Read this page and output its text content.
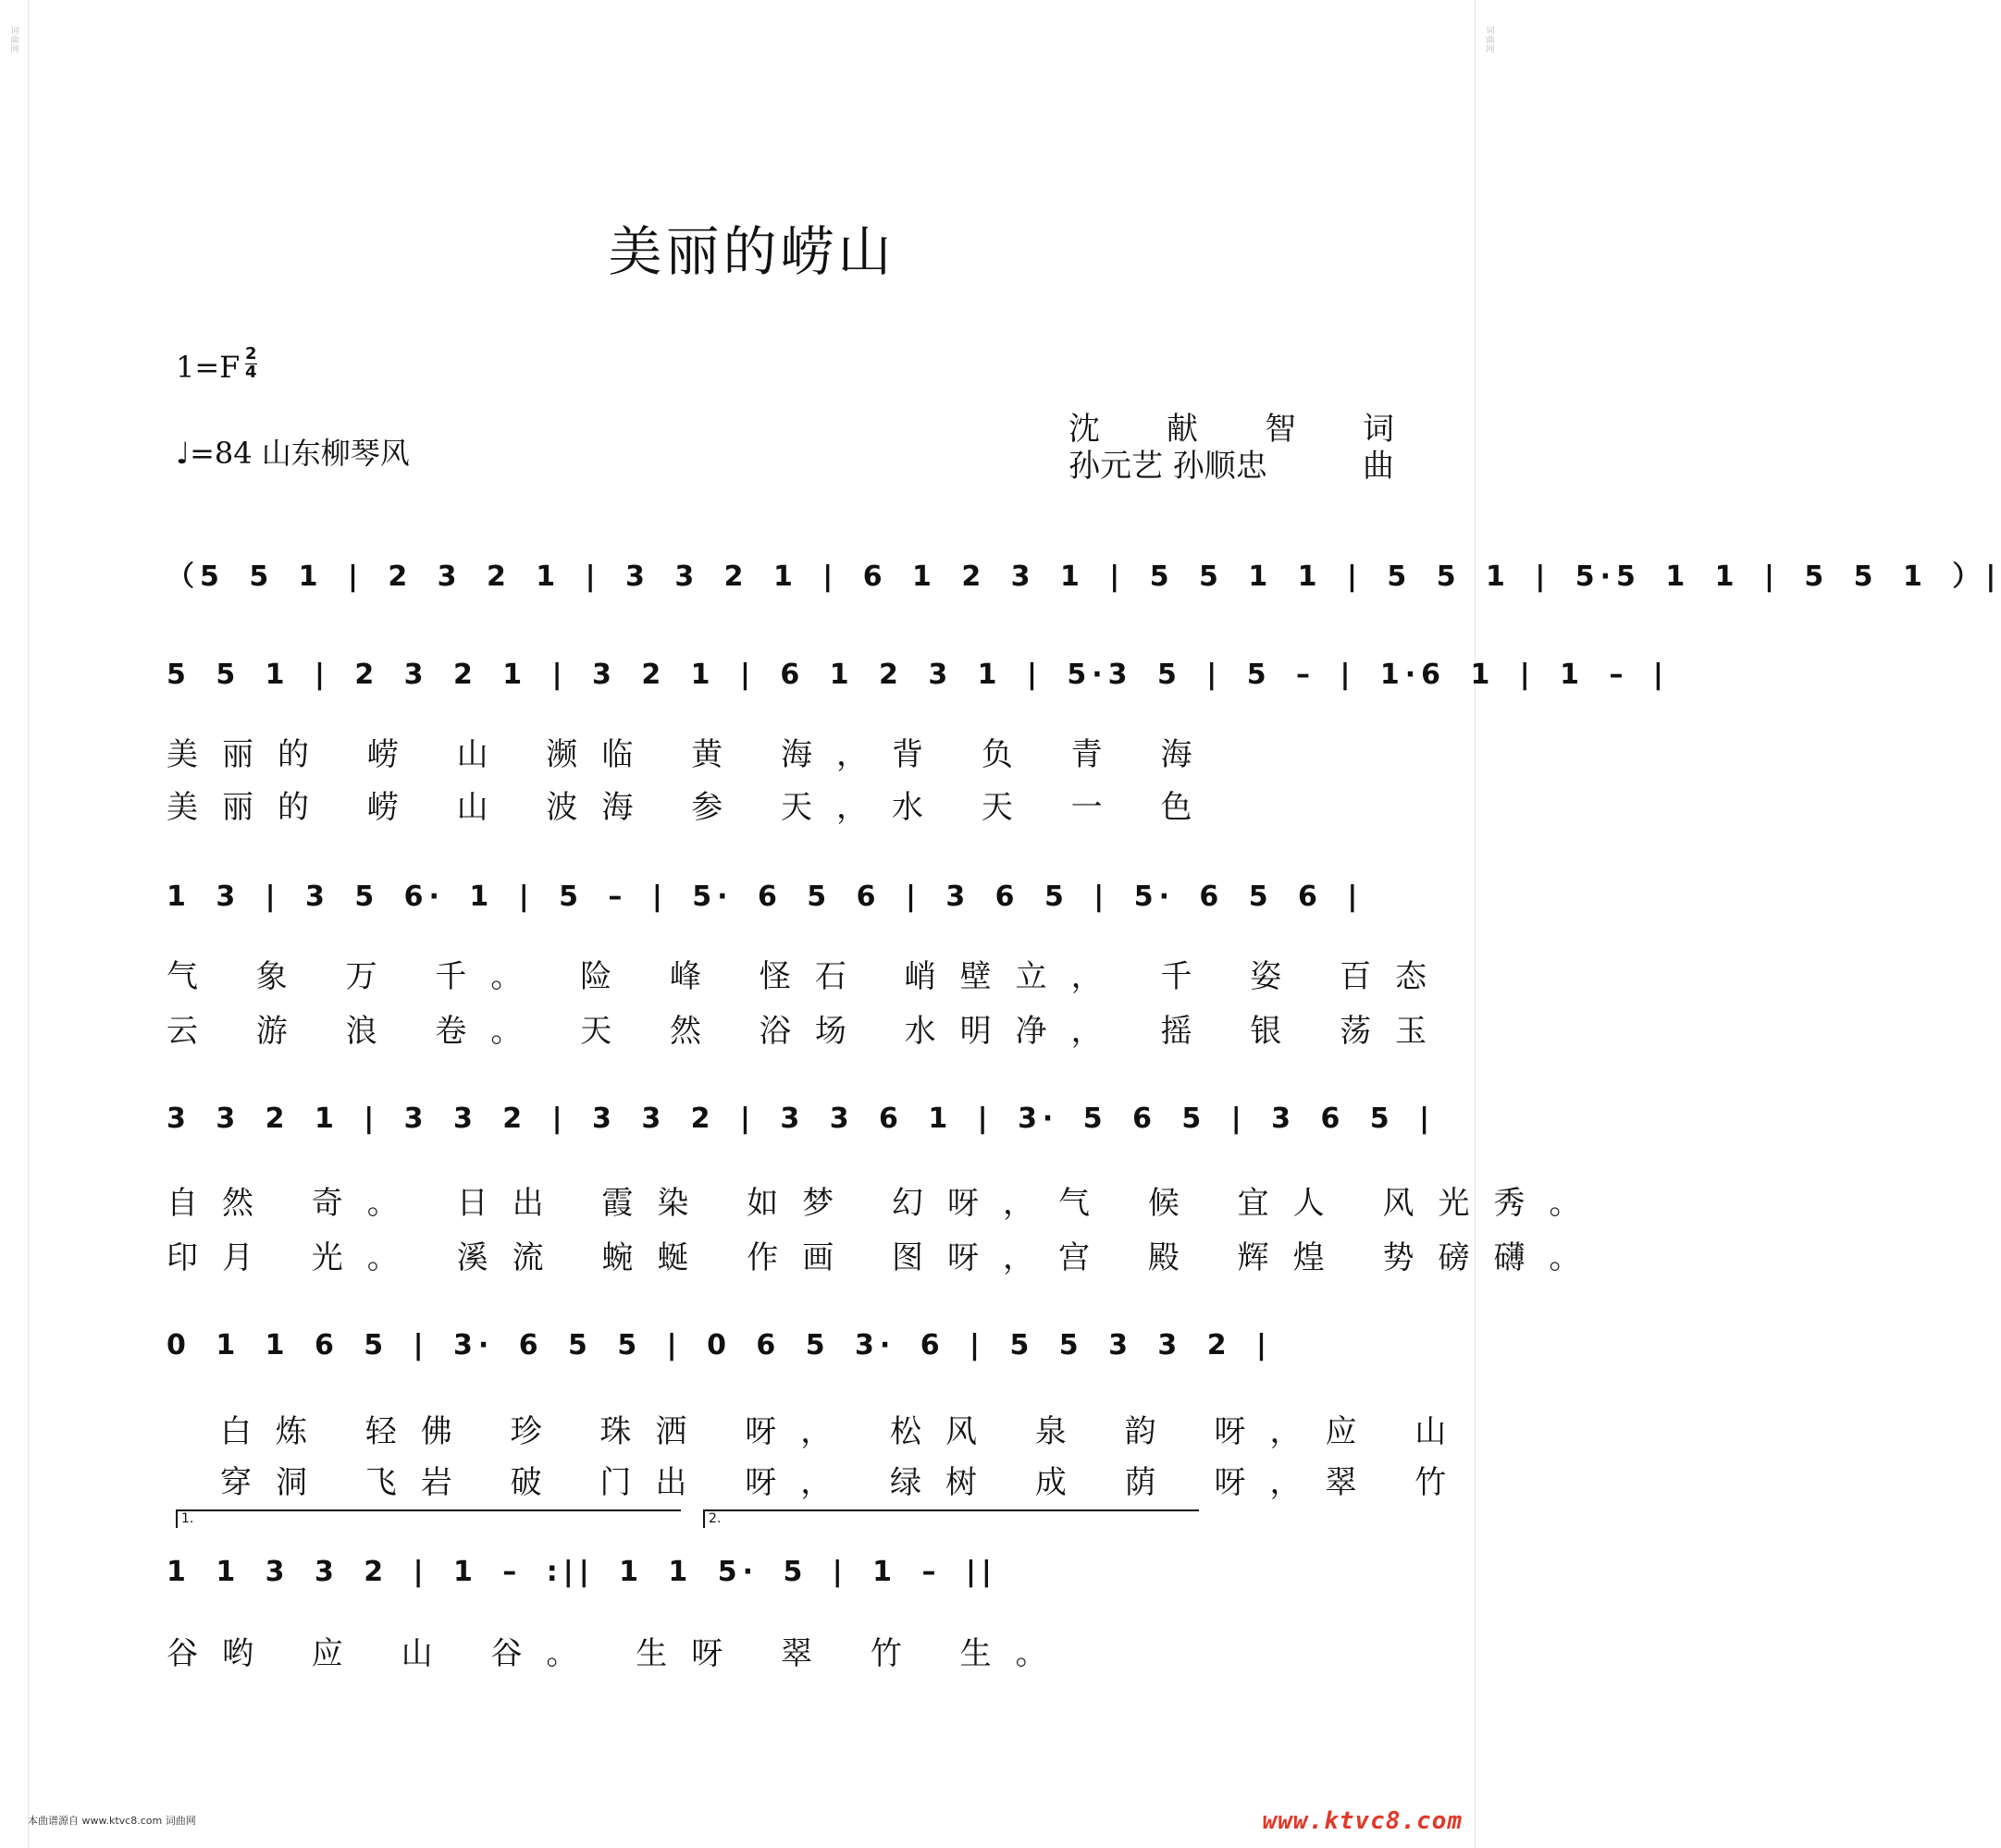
词曲网	词曲网
美丽的崂山
$1=F \frac{2}{4}$
♩=84 山东柳琴风
沈 献 智 词
孙元艺 孙顺忠	曲
（5 5 1 | 2 3 2 1 | 3 3 2 1 | 6 1 2 3 1 | 5 5 1 1 | 5 5 1 | 5·5 1 1 | 5 5 1 ）|
5 5 1 | 2 3 2 1 | 3 2 1 | 6 1 2 3 1 | 5·3 5 | 5 – | 1·6 1 | 1 – |
美丽的 崂 山 濒临 黄 海，背 负 青 海
美丽的 崂 山 波海 参 天，水 天 一 色
1 3 | 3 5 6· 1 | 5 – | 5· 6 5 6 | 3 6 5 | 5· 6 5 6 |
气 象 万 千。 险 峰 怪石 峭壁立， 千 姿 百态
云 游 浪 卷。 天 然 浴场 水明净， 摇 银 荡玉
3 3 2 1 | 3 3 2 | 3 3 2 | 3 3 6 1 | 3· 5 6 5 | 3 6 5 |
自然 奇。 日出 霞染 如梦 幻呀，气 候 宜人 风光秀。
印月 光。 溪流 蜿蜒 作画 图呀，宫 殿 辉煌 势磅礴。
0 1 1 6 5 | 3· 6 5 5 | 0 6 5 3· 6 | 5 5 3 3 2 |
白炼 轻佛 珍 珠洒 呀， 松风 泉 韵 呀，应 山
穿洞 飞岩 破 门出 呀， 绿树 成 荫 呀，翠 竹
1.	2.
1 1 3 3 2 | 1 – :|| 1 1 5· 5 | 1 – ||
谷哟 应 山 谷。 生呀 翠 竹 生。
本曲谱源自 www.ktvc8.com 词曲网	www.ktvc8.com
